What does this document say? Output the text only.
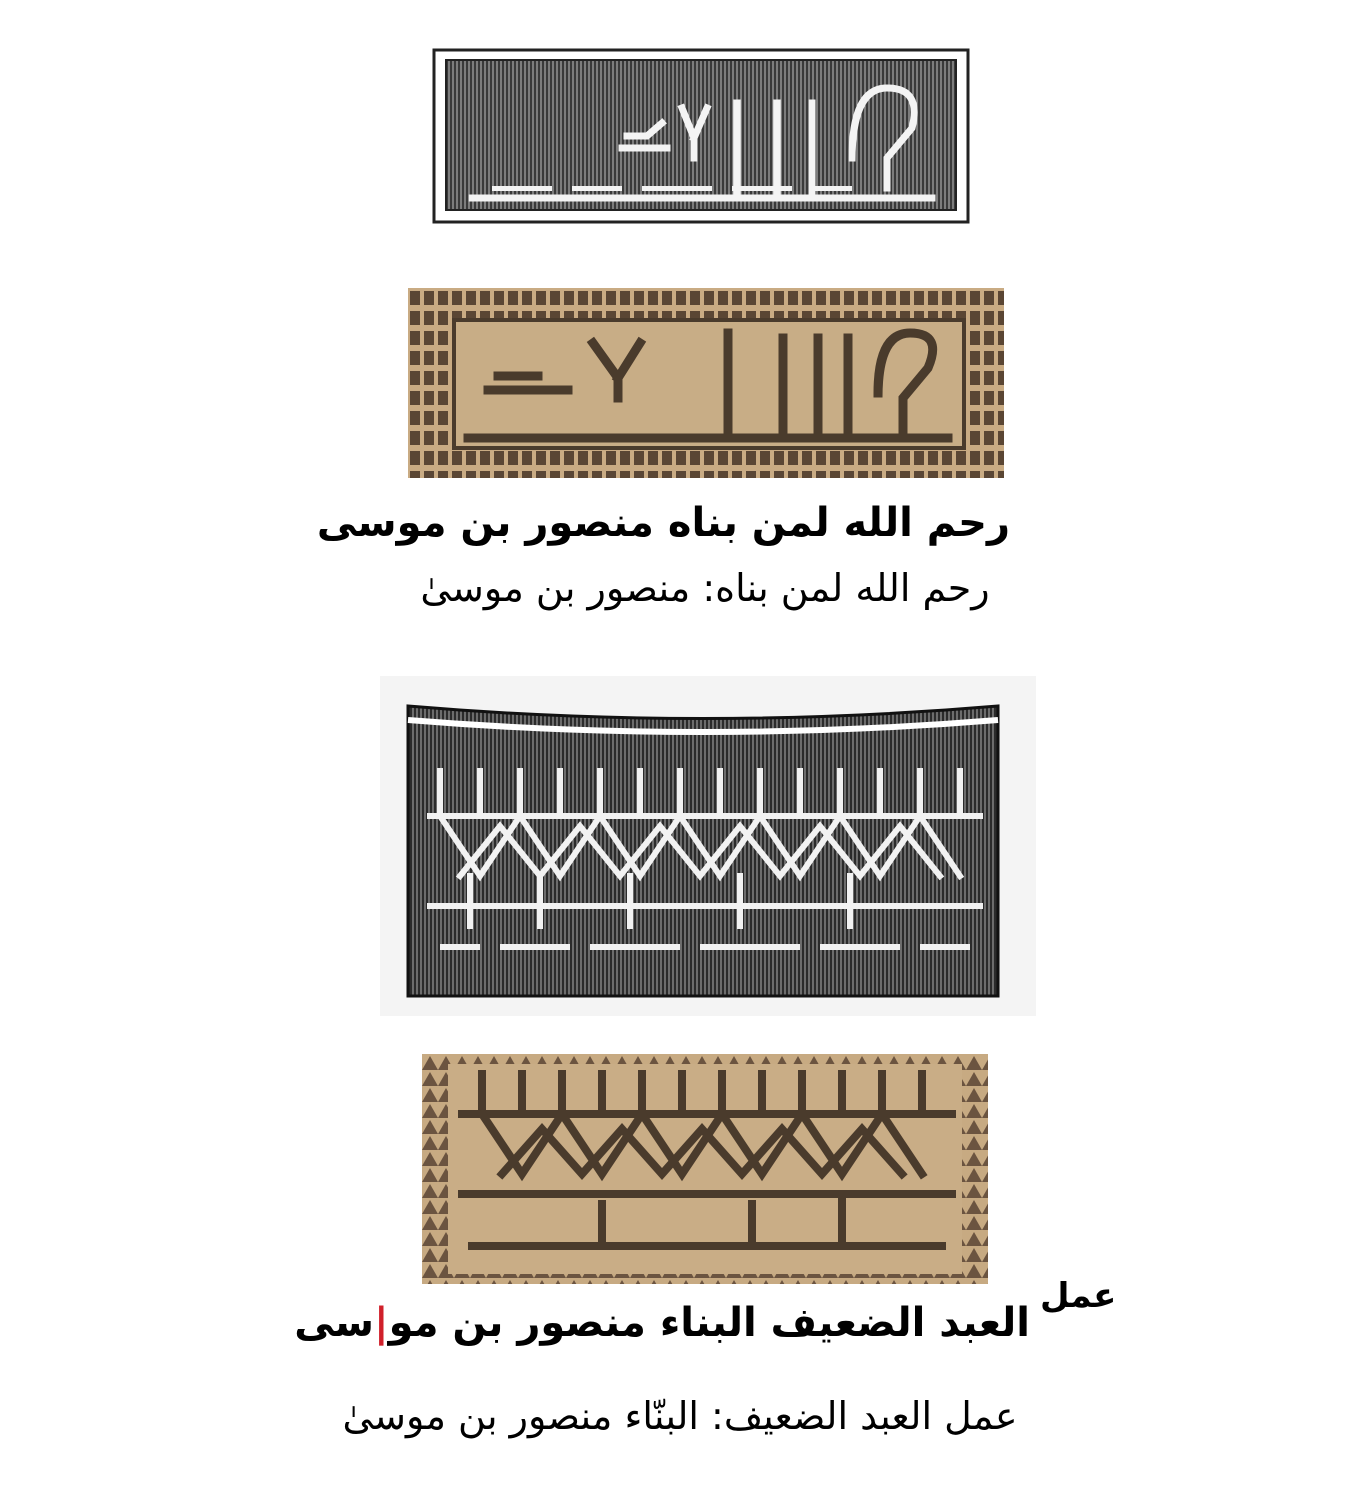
رحم الله لمن بناه منصور بن موسى
رحم الله لمن بناه: منصور بن موسىٰ
عمل
العبد الضعيف البناء منصور بن مو|سى
عمل العبد الضعيف: البنّاء منصور بن موسىٰ
